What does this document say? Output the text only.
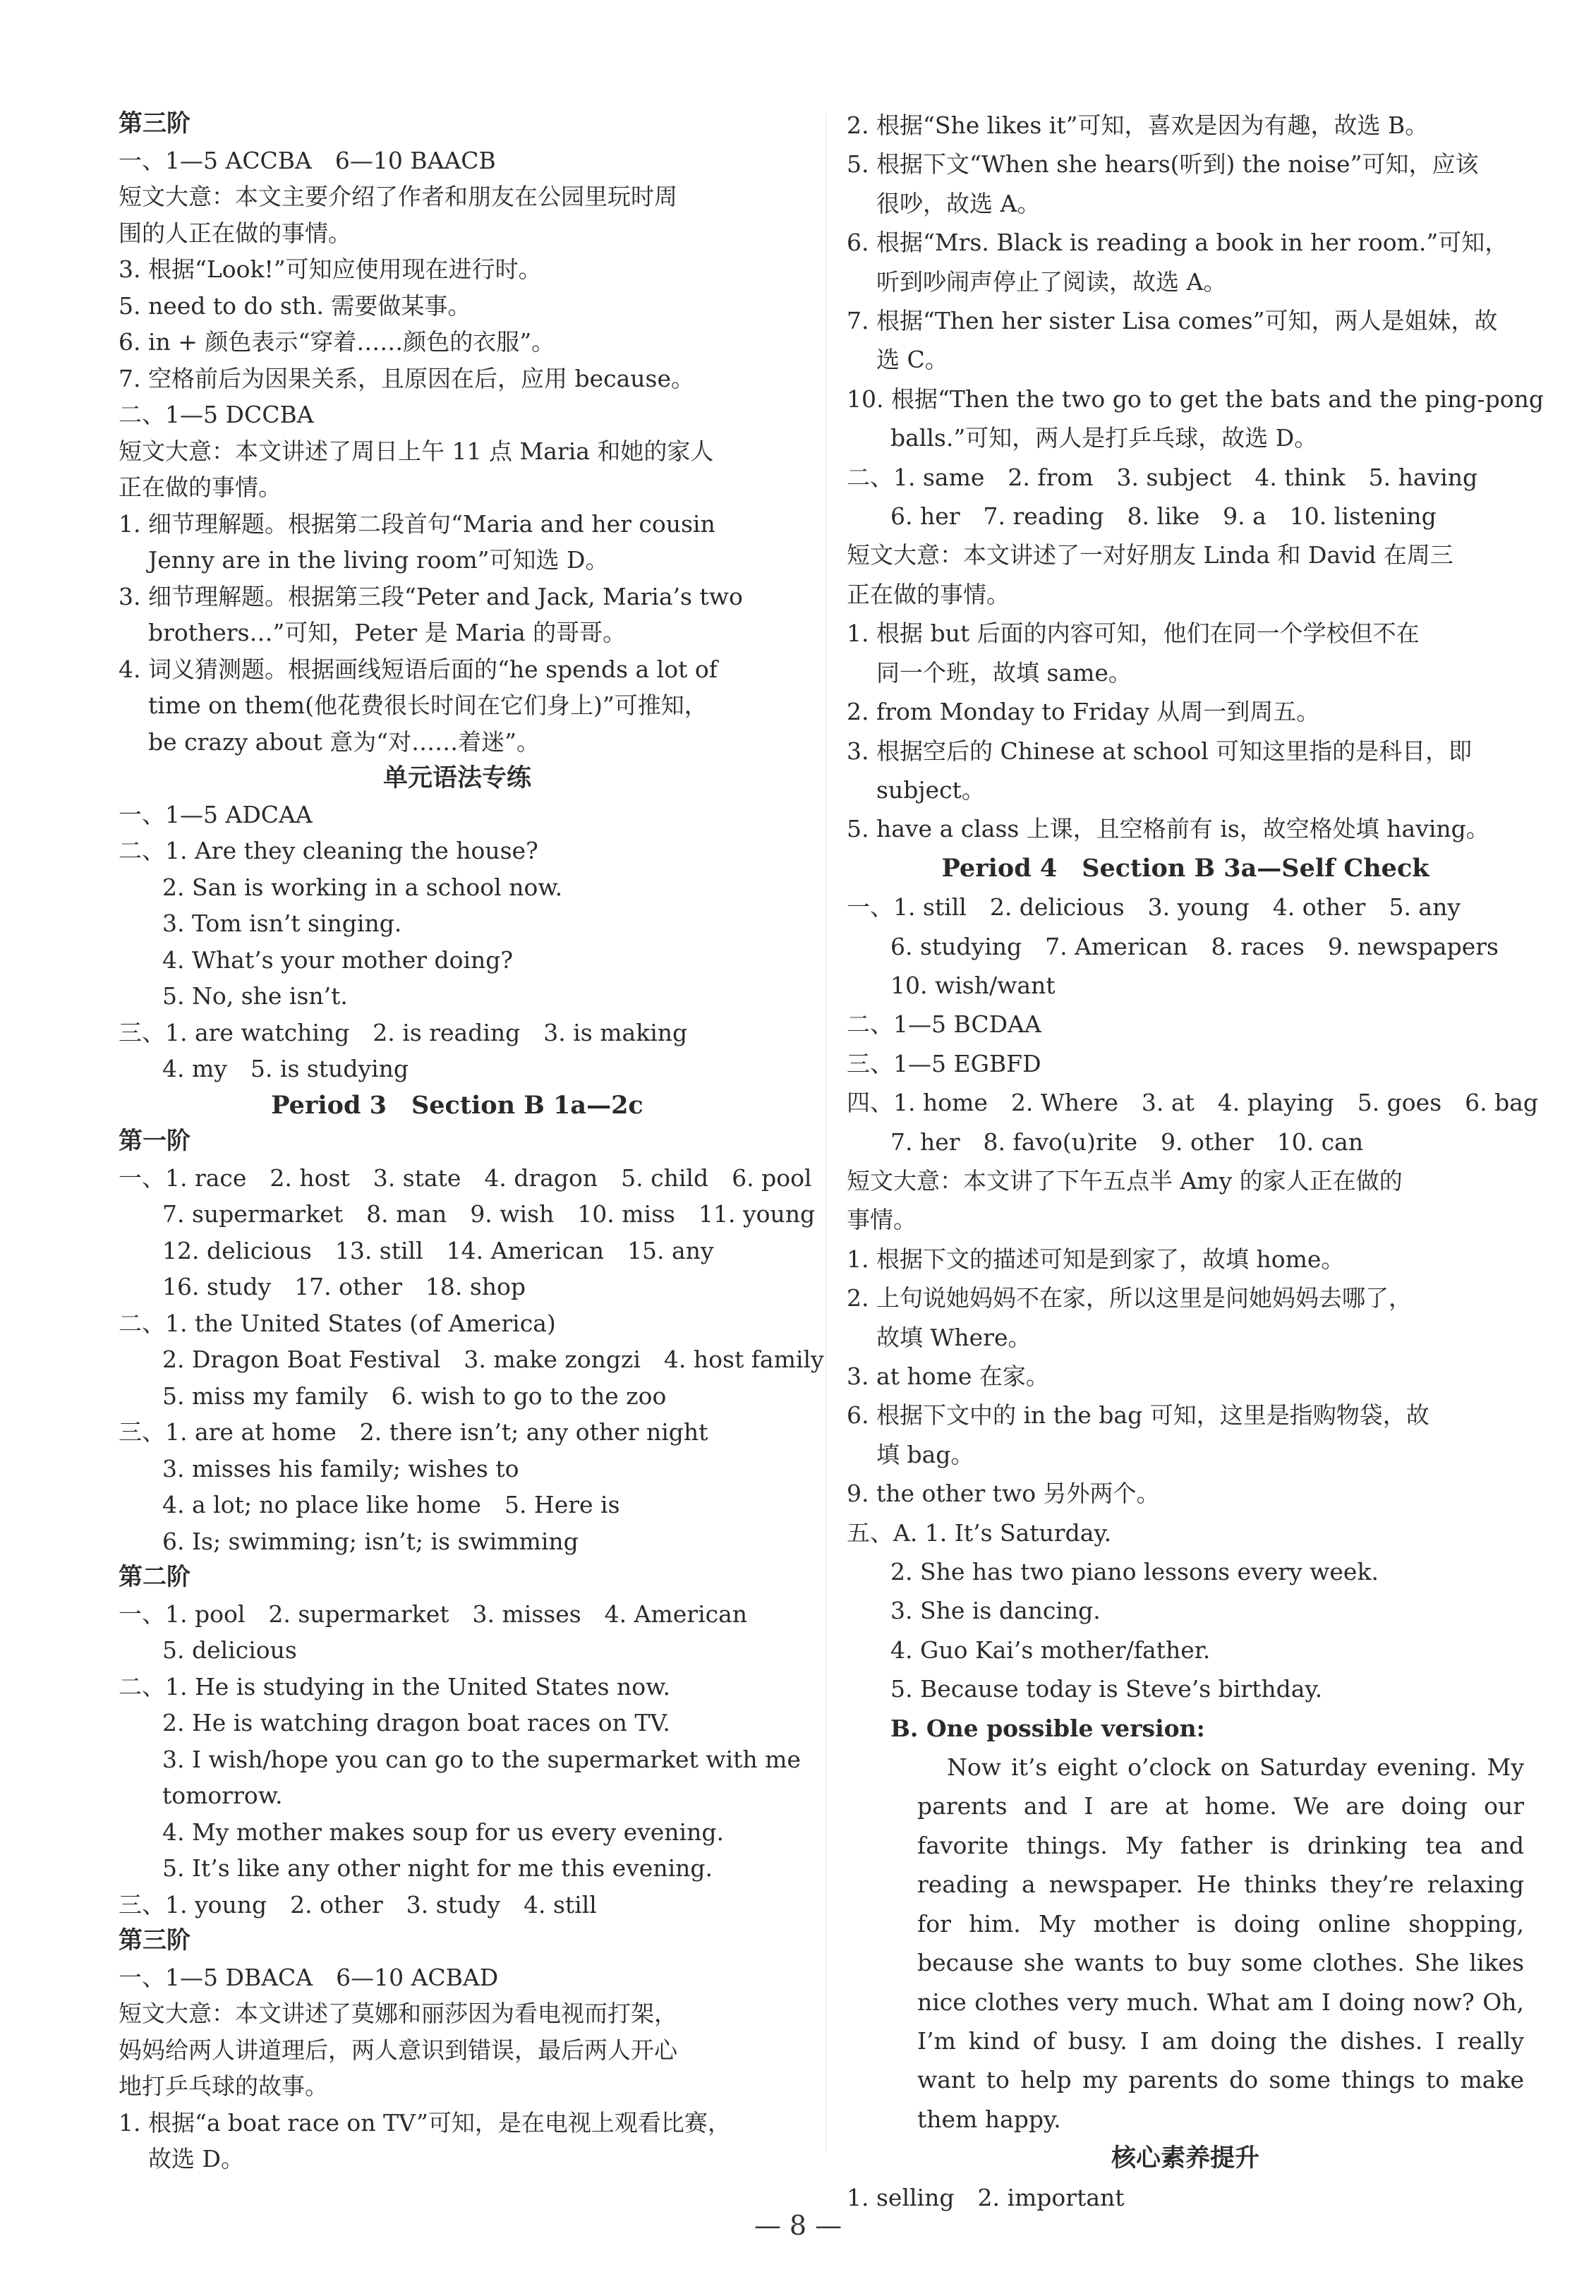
第三阶
一、1—5 ACCBA　6—10 BAACB
短文大意：本文主要介绍了作者和朋友在公园里玩时周
围的人正在做的事情。
3. 根据“Look!”可知应使用现在进行时。
5. need to do sth. 需要做某事。
6. in + 颜色表示“穿着……颜色的衣服”。
7. 空格前后为因果关系，且原因在后，应用 because。
二、1—5 DCCBA
短文大意：本文讲述了周日上午 11 点 Maria 和她的家人
正在做的事情。
1. 细节理解题。根据第二段首句“Maria and her cousin
Jenny are in the living room”可知选 D。
3. 细节理解题。根据第三段“Peter and Jack, Maria’s two
brothers…”可知，Peter 是 Maria 的哥哥。
4. 词义猜测题。根据画线短语后面的“he spends a lot of
time on them(他花费很长时间在它们身上)”可推知，
be crazy about 意为“对……着迷”。
单元语法专练
一、1—5 ADCAA
二、1. Are they cleaning the house?
2. San is working in a school now.
3. Tom isn’t singing.
4. What’s your mother doing?
5. No, she isn’t.
三、1. are watching　2. is reading　3. is making
4. my　5. is studying
Period 3　Section B 1a—2c
第一阶
一、1. race　2. host　3. state　4. dragon　5. child　6. pool
7. supermarket　8. man　9. wish　10. miss　11. young
12. delicious　13. still　14. American　15. any
16. study　17. other　18. shop
二、1. the United States (of America)
2. Dragon Boat Festival　3. make zongzi　4. host family
5. miss my family　6. wish to go to the zoo
三、1. are at home　2. there isn’t; any other night
3. misses his family; wishes to
4. a lot; no place like home　5. Here is
6. Is; swimming; isn’t; is swimming
第二阶
一、1. pool　2. supermarket　3. misses　4. American
5. delicious
二、1. He is studying in the United States now.
2. He is watching dragon boat races on TV.
3. I wish/hope you can go to the supermarket with me
tomorrow.
4. My mother makes soup for us every evening.
5. It’s like any other night for me this evening.
三、1. young　2. other　3. study　4. still
第三阶
一、1—5 DBACA　6—10 ACBAD
短文大意：本文讲述了莫娜和丽莎因为看电视而打架，
妈妈给两人讲道理后，两人意识到错误，最后两人开心
地打乒乓球的故事。
1. 根据“a boat race on TV”可知，是在电视上观看比赛，
故选 D。
2. 根据“She likes it”可知，喜欢是因为有趣，故选 B。
5. 根据下文“When she hears(听到) the noise”可知，应该
很吵，故选 A。
6. 根据“Mrs. Black is reading a book in her room.”可知，
听到吵闹声停止了阅读，故选 A。
7. 根据“Then her sister Lisa comes”可知，两人是姐妹，故
选 C。
10. 根据“Then the two go to get the bats and the ping-pong
balls.”可知，两人是打乒乓球，故选 D。
二、1. same　2. from　3. subject　4. think　5. having
6. her　7. reading　8. like　9. a　10. listening
短文大意：本文讲述了一对好朋友 Linda 和 David 在周三
正在做的事情。
1. 根据 but 后面的内容可知，他们在同一个学校但不在
同一个班，故填 same。
2. from Monday to Friday 从周一到周五。
3. 根据空后的 Chinese at school 可知这里指的是科目，即
subject。
5. have a class 上课，且空格前有 is，故空格处填 having。
Period 4　Section B 3a—Self Check
一、1. still　2. delicious　3. young　4. other　5. any
6. studying　7. American　8. races　9. newspapers
10. wish/want
二、1—5 BCDAA
三、1—5 EGBFD
四、1. home　2. Where　3. at　4. playing　5. goes　6. bag
7. her　8. favo(u)rite　9. other　10. can
短文大意：本文讲了下午五点半 Amy 的家人正在做的
事情。
1. 根据下文的描述可知是到家了，故填 home。
2. 上句说她妈妈不在家，所以这里是问她妈妈去哪了，
故填 Where。
3. at home 在家。
6. 根据下文中的 in the bag 可知，这里是指购物袋，故
填 bag。
9. the other two 另外两个。
五、A. 1. It’s Saturday.
2. She has two piano lessons every week.
3. She is dancing.
4. Guo Kai’s mother/father.
5. Because today is Steve’s birthday.
B. One possible version:
Now it’s eight o’clock on Saturday evening. My parents and I are at home. We are doing our favorite things. My father is drinking tea and reading a newspaper. He thinks they’re relaxing for him. My mother is doing online shopping, because she wants to buy some clothes. She likes nice clothes very much. What am I doing now? Oh, I’m kind of busy. I am doing the dishes. I really want to help my parents do some things to make them happy.
核心素养提升
1. selling　2. important
— 8 —
